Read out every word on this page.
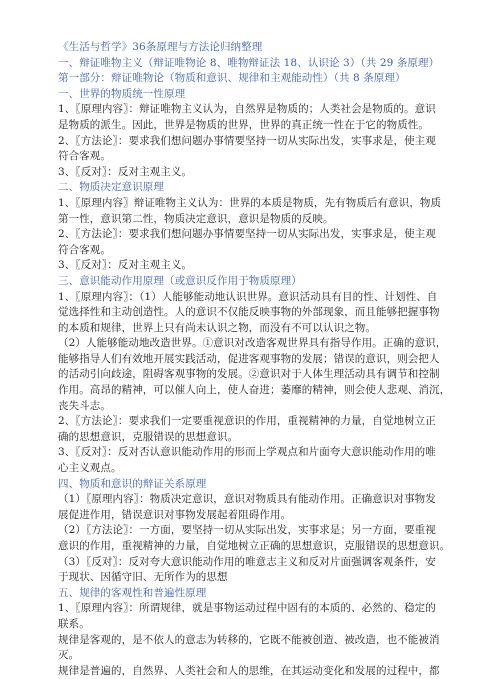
《生活与哲学》36条原理与方法论归纳整理
一、辩证唯物主义（辩证唯物论 8、唯物辩证法 18、认识论 3）（共 29 条原理）
第一部分：辩证唯物论（物质和意识、规律和主观能动性）（共 8 条原理）
一、世界的物质统一性原理
1、〖原理内容〗：辩证唯物主义认为，自然界是物质的；人类社会是物质的。意识
是物质的派生。因此，世界是物质的世界，世界的真正统一性在于它的物质性。
2、〖方法论〗：要求我们想问题办事情要坚持一切从实际出发，实事求是，使主观
符合客观。
3、〖反对〗：反对主观主义。
二、物质决定意识原理
1、〖原理内容〗辩证唯物主义认为：世界的本质是物质，先有物质后有意识，物质
第一性，意识第二性，物质决定意识，意识是物质的反映。
2、〖方法论〗：要求我们想问题办事情要坚持一切从实际出发，实事求是，使主观
符合客观。
3、〖反对〗：反对主观主义。
三、意识能动作用原理（或意识反作用于物质原理）
1、〖原理内容〗：（1）人能够能动地认识世界。意识活动具有目的性、计划性、自
觉选择性和主动创造性。人的意识不仅能反映事物的外部现象，而且能够把握事物
的本质和规律，世界上只有尚未认识之物，而没有不可以认识之物。
（2）人能够能动地改造世界。①意识对改造客观世界具有指导作用。正确的意识，
能够指导人们有效地开展实践活动，促进客观事物的发展；错误的意识，则会把人
的活动引向歧途，阻碍客观事物的发展。②意识对于人体生理活动具有调节和控制
作用。高昂的精神，可以催人向上，使人奋进；萎靡的精神，则会使人悲观、消沉，
丧失斗志。
2、〖方法论〗：要求我们一定要重视意识的作用，重视精神的力量，自觉地树立正
确的思想意识，克服错误的思想意识。
3、〖反对〗：反对否认意识能动作用的形而上学观点和片面夸大意识能动作用的唯
心主义观点。
四、物质和意识的辩证关系原理
（1）〖原理内容〗：物质决定意识，意识对物质具有能动作用。正确意识对事物发
展促进作用，错误意识对事物发展起着阻碍作用。
（2）〖方法论〗：一方面，要坚持一切从实际出发，实事求是；另一方面，要重视
意识的作用，重视精神的力量，自觉地树立正确的思想意识，克服错误的思想意识。
（3）〖反对〗：反对夸大意识能动作用的唯意志主义和反对片面强调客观条件，安
于现状、因循守旧、无所作为的思想
五、规律的客观性和普遍性原理
1、〖原理内容〗：所谓规律，就是事物运动过程中固有的本质的、必然的、稳定的
联系。
规律是客观的，是不依人的意志为转移的，它既不能被创造、被改造，也不能被消
灭。
规律是普遍的，自然界、人类社会和人的思维，在其运动变化和发展的过程中，都
